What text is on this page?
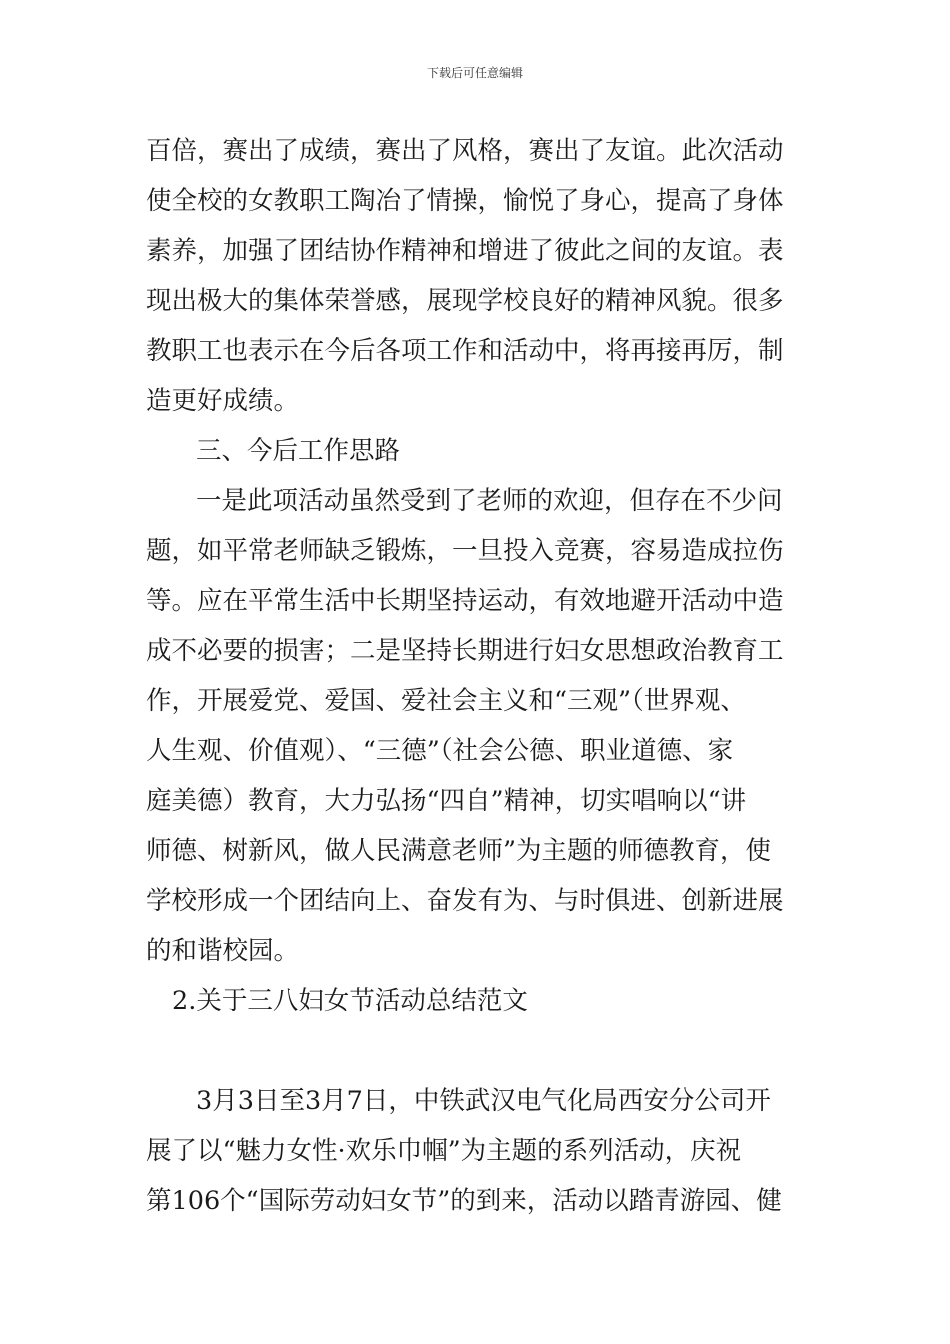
下载后可任意编辑
百倍，赛出了成绩，赛出了风格，赛出了友谊。此次活动
使全校的女教职工陶冶了情操，愉悦了身心，提高了身体
素养，加强了团结协作精神和增进了彼此之间的友谊。表
现出极大的集体荣誉感，展现学校良好的精神风貌。很多
教职工也表示在今后各项工作和活动中，将再接再厉，制
造更好成绩。
三、今后工作思路
一是此项活动虽然受到了老师的欢迎，但存在不少问
题，如平常老师缺乏锻炼，一旦投入竞赛，容易造成拉伤
等。应在平常生活中长期坚持运动，有效地避开活动中造
成不必要的损害；二是坚持长期进行妇女思想政治教育工
作，开展爱党、爱国、爱社会主义和“三观”（世界观、
人生观、价值观）、“三德”（社会公德、职业道德、家
庭美德）教育，大力弘扬“四自”精神，切实唱响以“讲
师德、树新风，做人民满意老师”为主题的师德教育，使
学校形成一个团结向上、奋发有为、与时俱进、创新进展
的和谐校园。
2.关于三八妇女节活动总结范文
3月3日至3月7日，中铁武汉电气化局西安分公司开
展了以“魅力女性·欢乐巾帼”为主题的系列活动，庆祝
第106个“国际劳动妇女节”的到来，活动以踏青游园、健
